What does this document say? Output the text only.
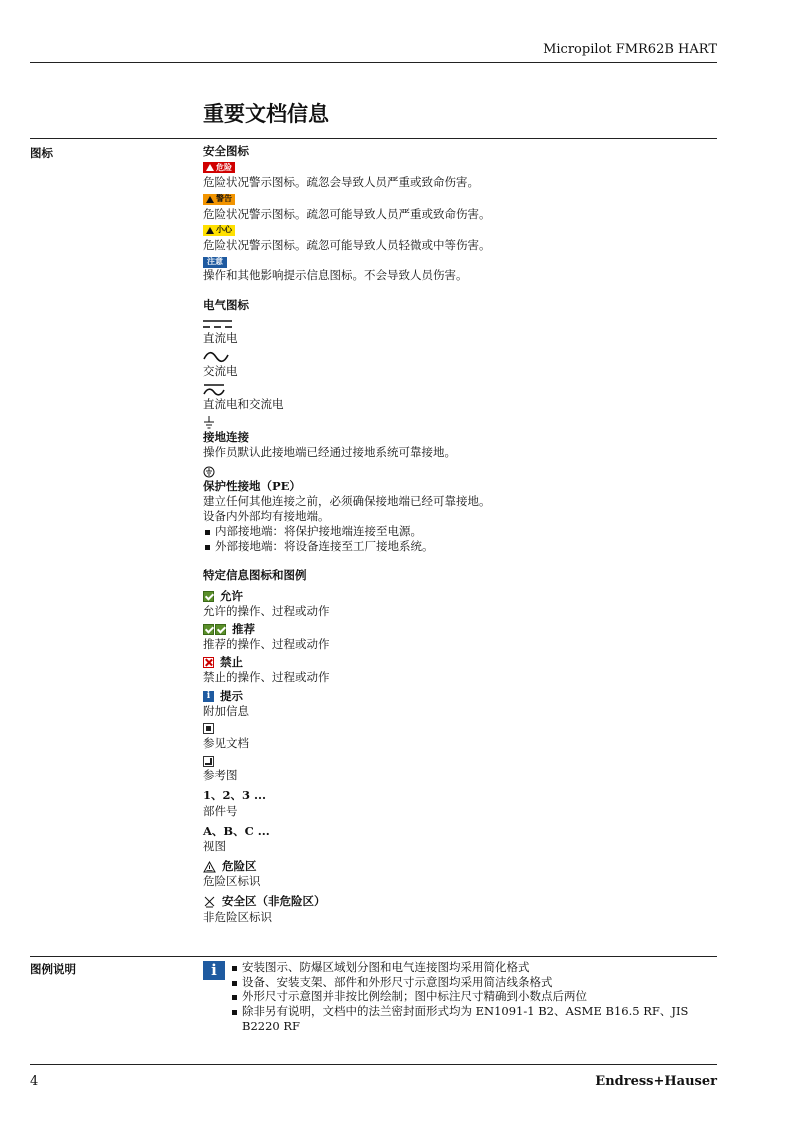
Micropilot FMR62B HART
重要文档信息
图标	安全图标

危险

危险状况警示图标。疏忽会导致人员严重或致命伤害。

警告

危险状况警示图标。疏忽可能导致人员严重或致命伤害。

小心

危险状况警示图标。疏忽可能导致人员轻微或中等伤害。

注意

操作和其他影响提示信息图标。不会导致人员伤害。

电气图标

直流电

交流电

直流电和交流电

接地连接

操作员默认此接地端已经通过接地系统可靠接地。

保护性接地（PE）

建立任何其他连接之前，必须确保接地端已经可靠接地。

设备内外部均有接地端。

内部接地端：将保护接地端连接至电源。
外部接地端：将设备连接至工厂接地系统。

特定信息图标和图例

允许

允许的操作、过程或动作

推荐

推荐的操作、过程或动作

禁止

禁止的操作、过程或动作

i 提示

附加信息

参见文档

参考图

1、2、3 ...

部件号

A、B、C ...

视图

危险区

危险区标识

安全区（非危险区）

非危险区标识

图例说明	i	安装图示、防爆区域划分图和电气连接图均采用简化格式
设备、安装支架、部件和外形尺寸示意图均采用简洁线条格式
外形尺寸示意图并非按比例绘制；图中标注尺寸精确到小数点后两位
除非另有说明，文档中的法兰密封面形式均为 EN1091-1 B2、ASME B16.5 RF、JIS B2220 RF
4	Endress+Hauser
